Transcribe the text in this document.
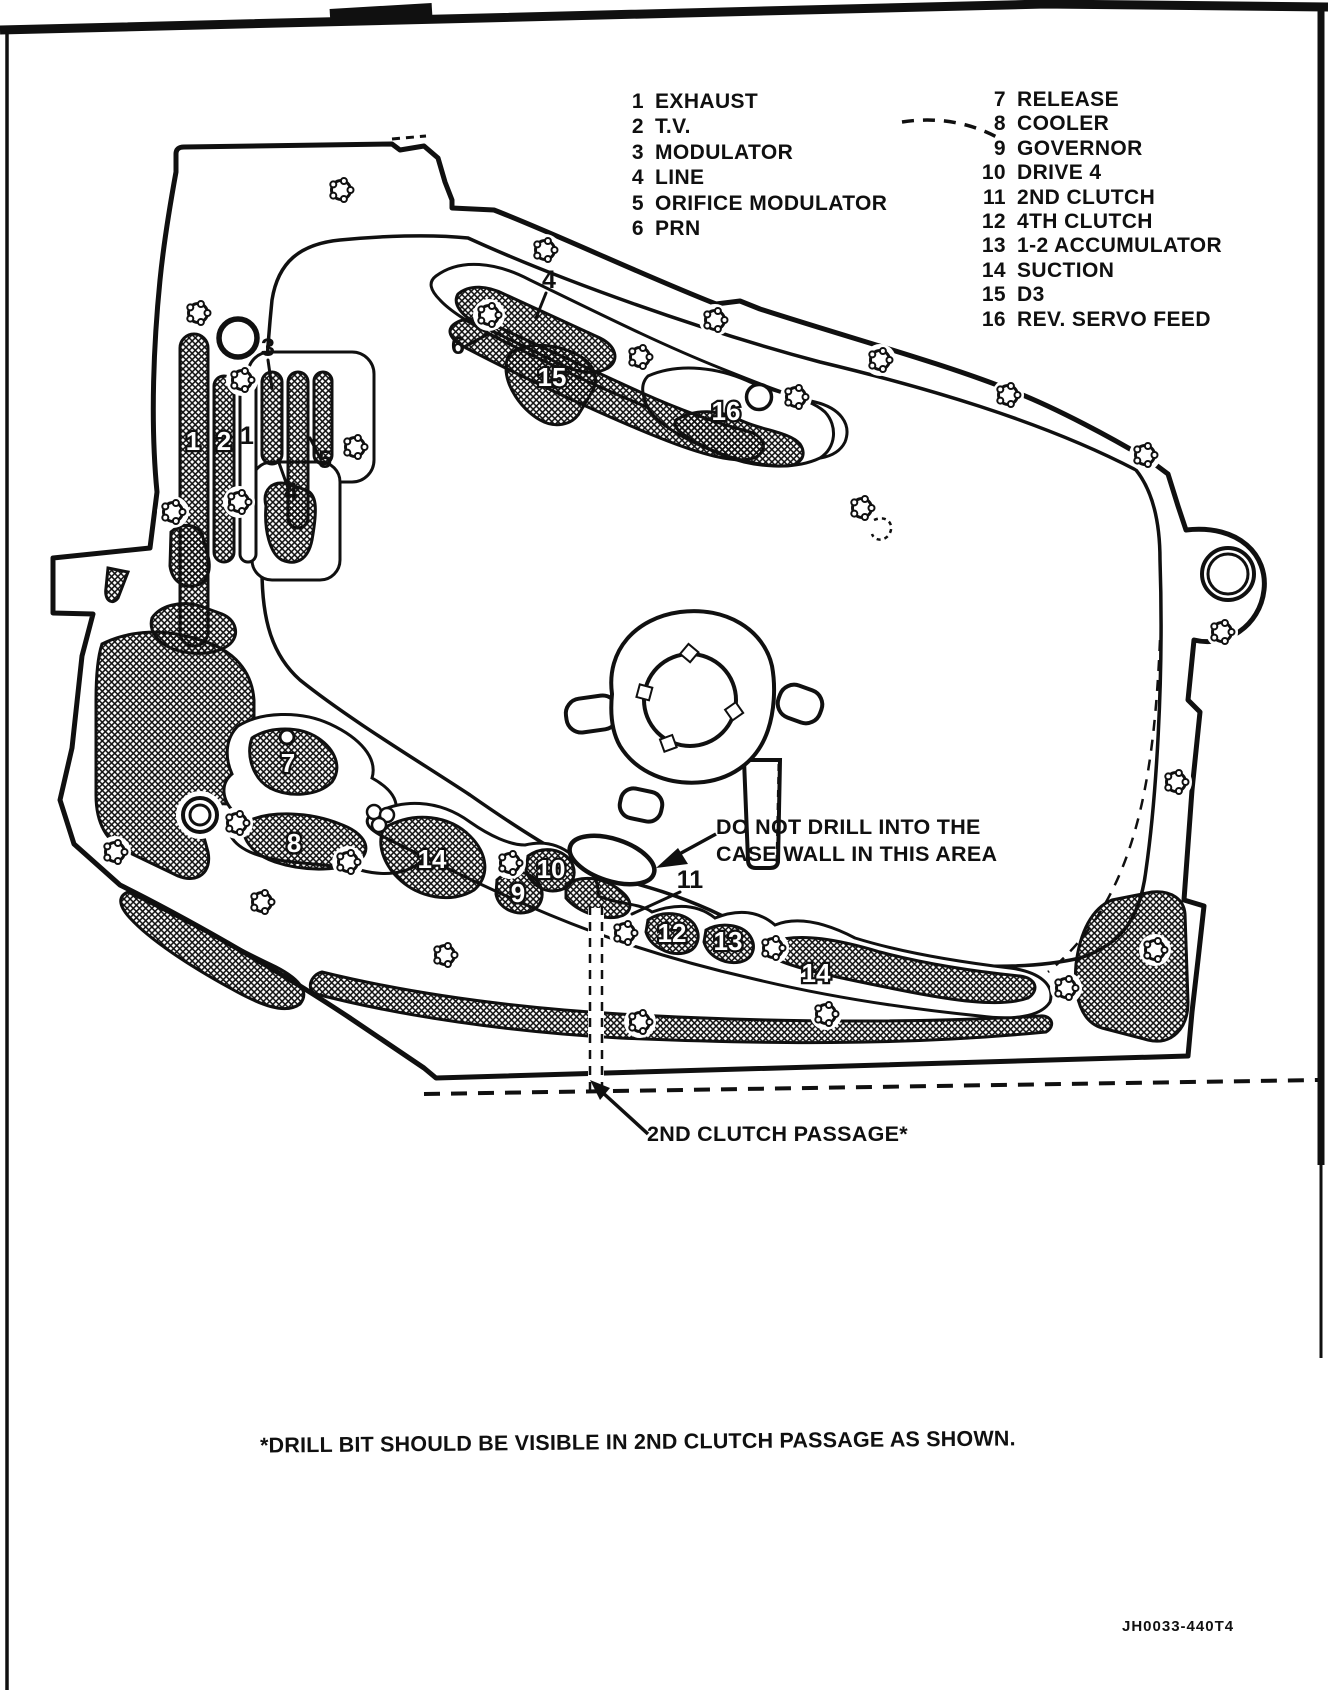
1 2
15
16
7
8
14
9
10
12 13
14
1
3
4
5
6
4
11
1 EXHAUST
2 T.V.
3 MODULATOR
4 LINE
5 ORIFICE MODULATOR
6 PRN
7 RELEASE
8 COOLER
9 GOVERNOR
10 DRIVE 4
11 2ND CLUTCH
12 4TH CLUTCH
13 1-2 ACCUMULATOR
14 SUCTION
15 D3
16 REV. SERVO FEED
DO NOT DRILL INTO THE
CASE WALL IN THIS AREA
2ND CLUTCH PASSAGE*
*DRILL BIT SHOULD BE VISIBLE IN 2ND CLUTCH PASSAGE AS SHOWN.
JH0033-440T4
